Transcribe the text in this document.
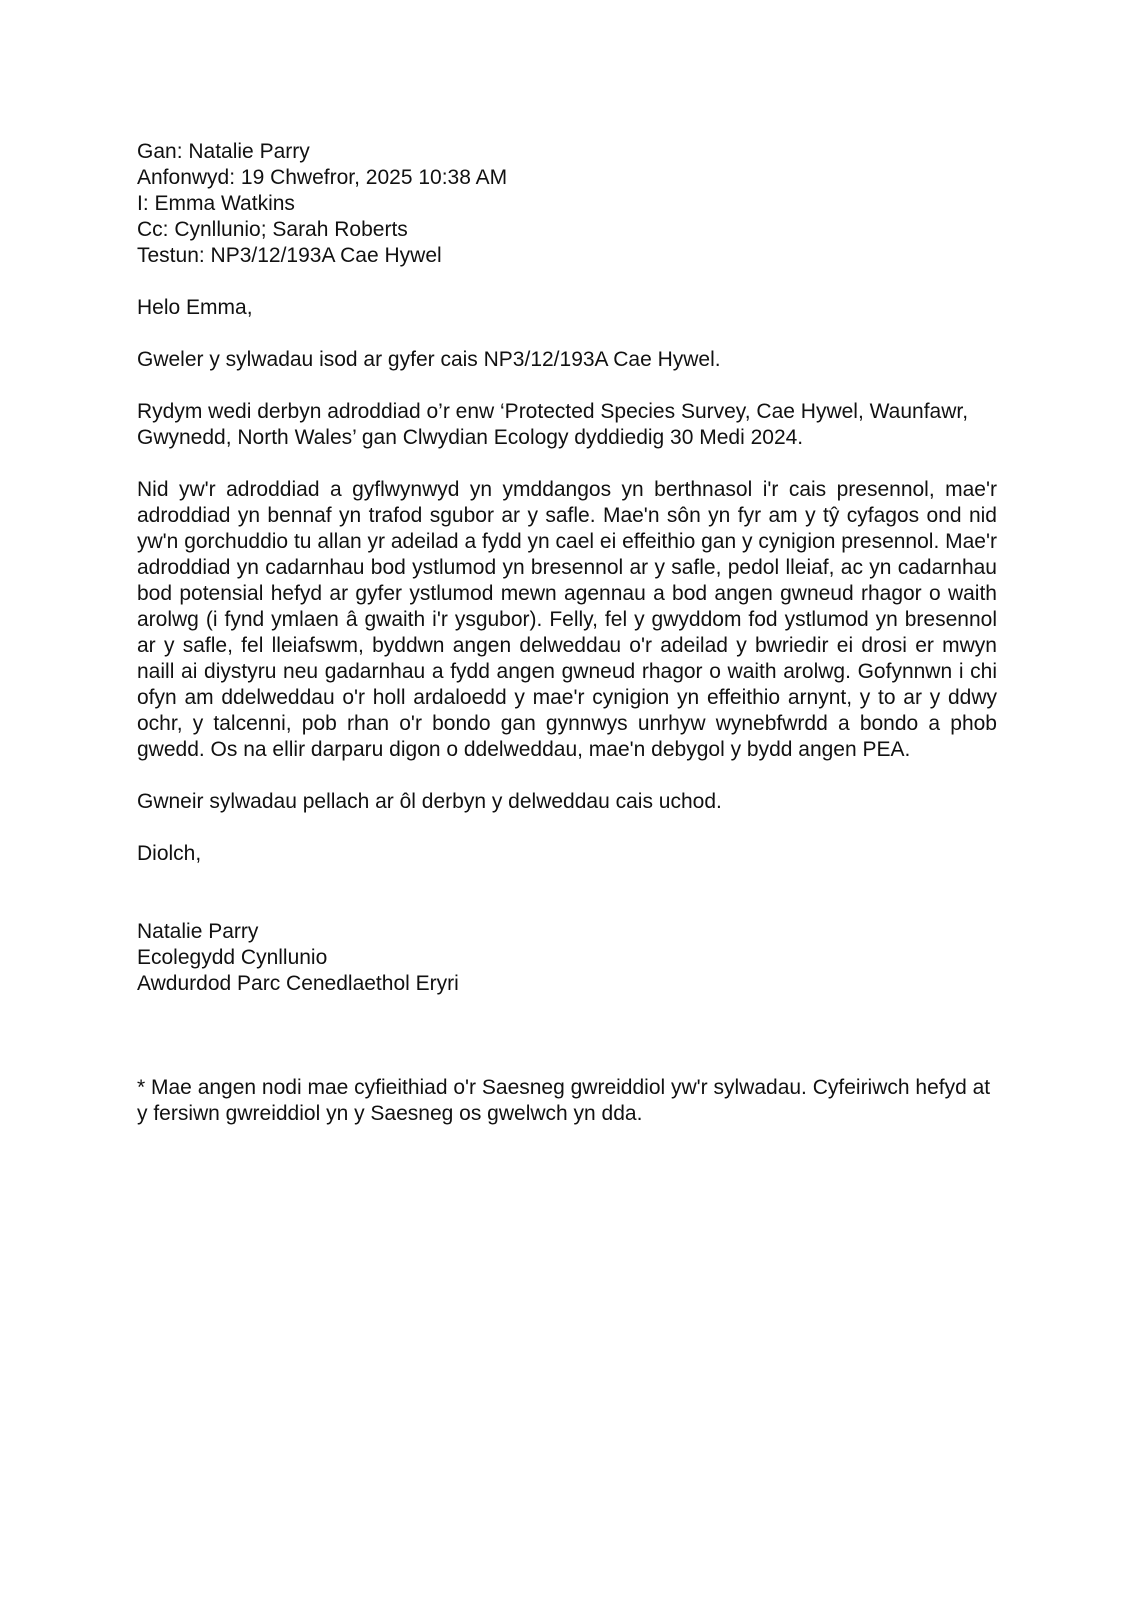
Gan: Natalie Parry

Anfonwyd: 19 Chwefror, 2025 10:38 AM

I: Emma Watkins

Cc: Cynllunio; Sarah Roberts

Testun: NP3/12/193A Cae Hywel

Helo Emma,

Gweler y sylwadau isod ar gyfer cais NP3/12/193A Cae Hywel.

Rydym wedi derbyn adroddiad o’r enw ‘Protected Species Survey, Cae Hywel, Waunfawr, Gwynedd, North Wales’ gan Clwydian Ecology dyddiedig 30 Medi 2024.

Nid yw'r adroddiad a gyflwynwyd yn ymddangos yn berthnasol i'r cais presennol, mae'r adroddiad yn bennaf yn trafod sgubor ar y safle. Mae'n sôn yn fyr am y tŷ cyfagos ond nid yw'n gorchuddio tu allan yr adeilad a fydd yn cael ei effeithio gan y cynigion presennol. Mae'r adroddiad yn cadarnhau bod ystlumod yn bresennol ar y safle, pedol lleiaf, ac yn cadarnhau bod potensial hefyd ar gyfer ystlumod mewn agennau a bod angen gwneud rhagor o waith arolwg (i fynd ymlaen â gwaith i'r ysgubor). Felly, fel y gwyddom fod ystlumod yn bresennol ar y safle, fel lleiafswm, byddwn angen delweddau o'r adeilad y bwriedir ei drosi er mwyn naill ai diystyru neu gadarnhau a fydd angen gwneud rhagor o waith arolwg. Gofynnwn i chi ofyn am ddelweddau o'r holl ardaloedd y mae'r cynigion yn effeithio arnynt, y to ar y ddwy ochr, y talcenni, pob rhan o'r bondo gan gynnwys unrhyw wynebfwrdd a bondo a phob gwedd. Os na ellir darparu digon o ddelweddau, mae'n debygol y bydd angen PEA.

Gwneir sylwadau pellach ar ôl derbyn y delweddau cais uchod.

Diolch,

Natalie Parry

Ecolegydd Cynllunio

Awdurdod Parc Cenedlaethol Eryri

* Mae angen nodi mae cyfieithiad o'r Saesneg gwreiddiol yw'r sylwadau. Cyfeiriwch hefyd at y fersiwn gwreiddiol yn y Saesneg os gwelwch yn dda.
